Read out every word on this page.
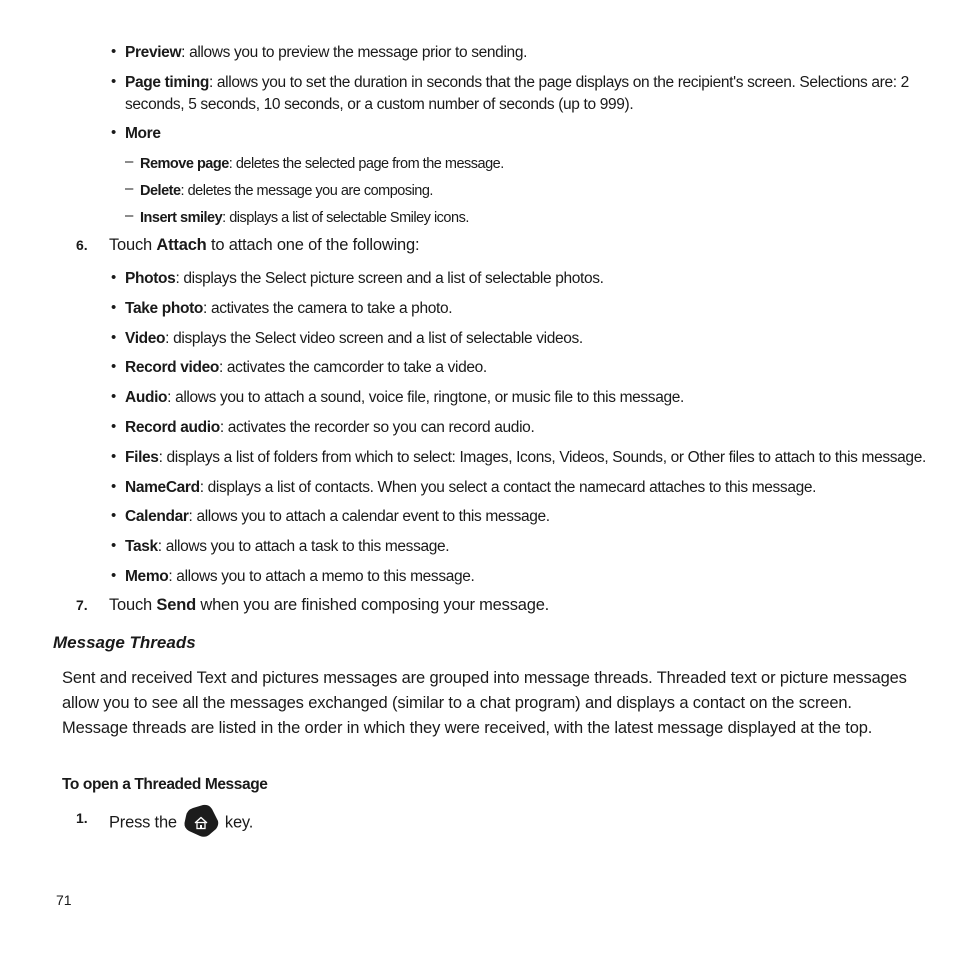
• Preview: allows you to preview the message prior to sending.
• Page timing: allows you to set the duration in seconds that the page displays on the recipient's screen. Selections are: 2
seconds, 5 seconds, 10 seconds, or a custom number of seconds (up to 999).
• More
– Remove page: deletes the selected page from the message.
– Delete: deletes the message you are composing.
– Insert smiley: displays a list of selectable Smiley icons.
6. Touch Attach to attach one of the following:
• Photos: displays the Select picture screen and a list of selectable photos.
• Take photo: activates the camera to take a photo.
• Video: displays the Select video screen and a list of selectable videos.
• Record video: activates the camcorder to take a video.
• Audio: allows you to attach a sound, voice file, ringtone, or music file to this message.
• Record audio: activates the recorder so you can record audio.
• Files: displays a list of folders from which to select: Images, Icons, Videos, Sounds, or Other files to attach to this message.
• NameCard: displays a list of contacts. When you select a contact the namecard attaches to this message.
• Calendar: allows you to attach a calendar event to this message.
• Task: allows you to attach a task to this message.
• Memo: allows you to attach a memo to this message.
7. Touch Send when you are finished composing your message.
Message Threads
Sent and received Text and pictures messages are grouped into message threads. Threaded text or picture messages allow you to see all the messages exchanged (similar to a chat program) and displays a contact on the screen. Message threads are listed in the order in which they were received, with the latest message displayed at the top.
To open a Threaded Message
1. Press the	key.
71
